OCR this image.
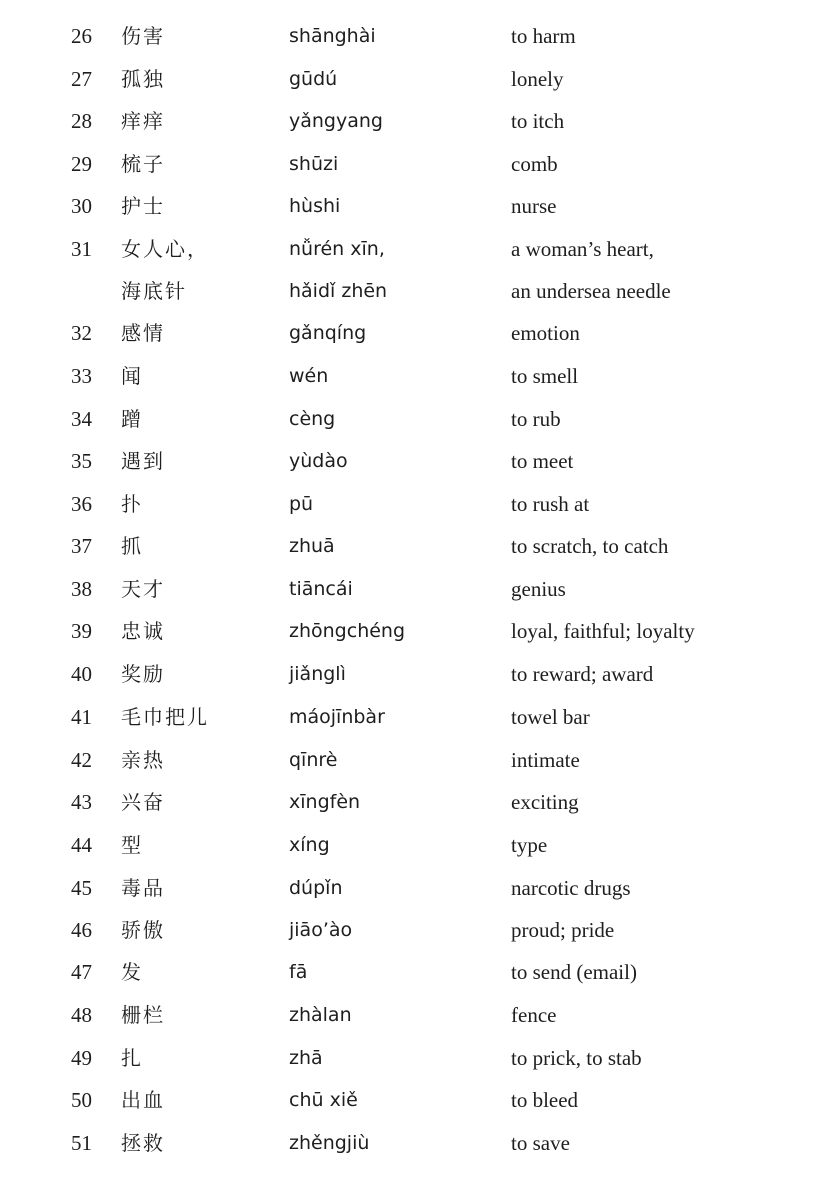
26 伤害	shānghài	to harm
27 孤独	gūdú	lonely
28 痒痒	yǎngyang	to itch
29 梳子	shūzi	comb
30 护士	hùshi	nurse
31 女人心，	nǚrén xīn,	a woman’s heart,
海底针	hǎidǐ zhēn	an undersea needle
32 感情	gǎnqíng	emotion
33 闻	wén	to smell
34 蹭	cèng	to rub
35 遇到	yùdào	to meet
36 扑	pū	to rush at
37 抓	zhuā	to scratch, to catch
38 天才	tiāncái	genius
39 忠诚	zhōngchéng	loyal, faithful; loyalty
40 奖励	jiǎnglì	to reward; award
41 毛巾把儿	máojīnbàr	towel bar
42 亲热	qīnrè	intimate
43 兴奋	xīngfèn	exciting
44 型	xíng	type
45 毒品	dúpǐn	narcotic drugs
46 骄傲	jiāo’ào	proud; pride
47 发	fā	to send (email)
48 栅栏	zhàlan	fence
49 扎	zhā	to prick, to stab
50 出血	chū xiě	to bleed
51 拯救	zhěngjiù	to save
